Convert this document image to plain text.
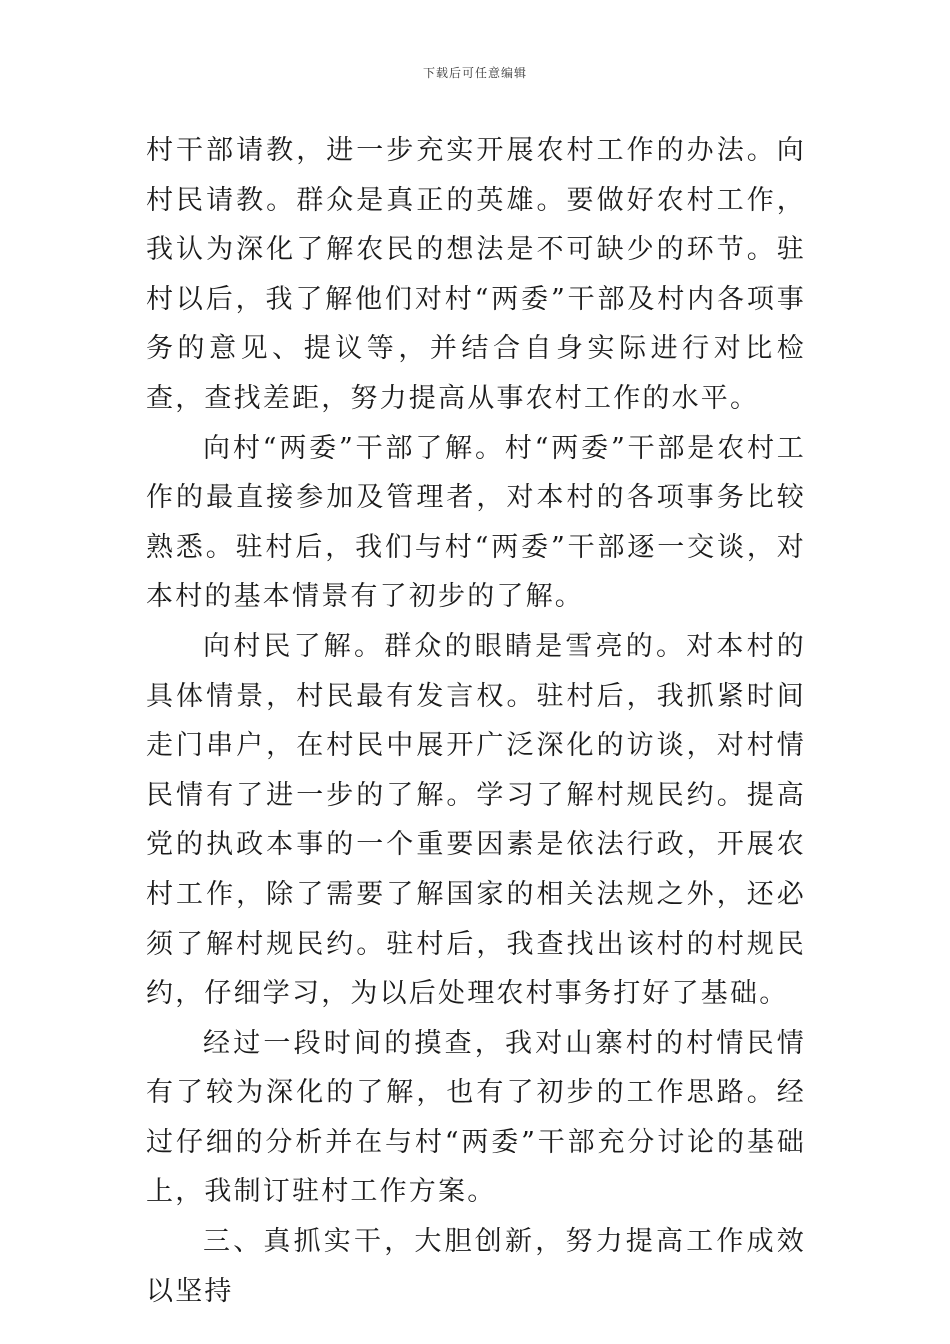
下载后可任意编辑

村干部请教，进一步充实开展农村工作的办法。向村民请教。群众是真正的英雄。要做好农村工作，我认为深化了解农民的想法是不可缺少的环节。驻村以后，我了解他们对村“两委”干部及村内各项事务的意见、提议等，并结合自身实际进行对比检查，查找差距，努力提高从事农村工作的水平。

向村“两委”干部了解。村“两委”干部是农村工作的最直接参加及管理者，对本村的各项事务比较熟悉。驻村后，我们与村“两委”干部逐一交谈，对本村的基本情景有了初步的了解。

向村民了解。群众的眼睛是雪亮的。对本村的具体情景，村民最有发言权。驻村后，我抓紧时间走门串户，在村民中展开广泛深化的访谈，对村情民情有了进一步的了解。学习了解村规民约。提高党的执政本事的一个重要因素是依法行政，开展农村工作，除了需要了解国家的相关法规之外，还必须了解村规民约。驻村后，我查找出该村的村规民约，仔细学习，为以后处理农村事务打好了基础。

经过一段时间的摸查，我对山寨村的村情民情有了较为深化的了解，也有了初步的工作思路。经过仔细的分析并在与村“两委”干部充分讨论的基础上，我制订驻村工作方案。

三、真抓实干，大胆创新，努力提高工作成效以坚持
